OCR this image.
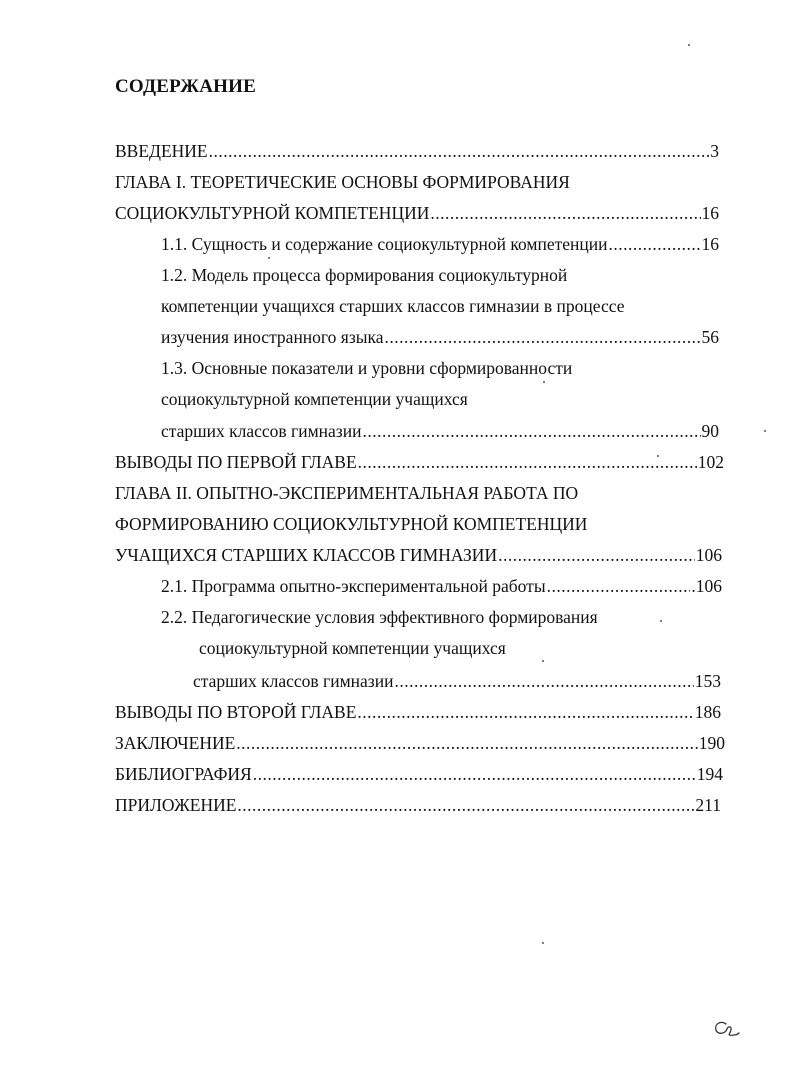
СОДЕРЖАНИЕ
ВВЕДЕНИЕ .....	3
ГЛАВА I. ТЕОРЕТИЧЕСКИЕ ОСНОВЫ ФОРМИРОВАНИЯ
СОЦИОКУЛЬТУРНОЙ КОМПЕТЕНЦИИ .....	16
1.1. Сущность и содержание социокультурной компетенции .....	16
1.2. Модель процесса формирования социокультурной
компетенции учащихся старших классов гимназии в процессе
изучения иностранного языка .....	56
1.3. Основные показатели и уровни сформированности
социокультурной компетенции учащихся
старших классов гимназии .....	90
ВЫВОДЫ ПО ПЕРВОЙ ГЛАВЕ .....	102
ГЛАВА II. ОПЫТНО-ЭКСПЕРИМЕНТАЛЬНАЯ РАБОТА ПО
ФОРМИРОВАНИЮ СОЦИОКУЛЬТУРНОЙ КОМПЕТЕНЦИИ
УЧАЩИХСЯ СТАРШИХ КЛАССОВ ГИМНАЗИИ .....	106
2.1. Программа опытно-экспериментальной работы .....	.106
2.2. Педагогические условия эффективного формирования
социокультурной компетенции учащихся
старших классов гимназии .....	153
ВЫВОДЫ ПО ВТОРОЙ ГЛАВЕ .....	186
ЗАКЛЮЧЕНИЕ .....	190
БИБЛИОГРАФИЯ .....	194
ПРИЛОЖЕНИЕ .....	211
